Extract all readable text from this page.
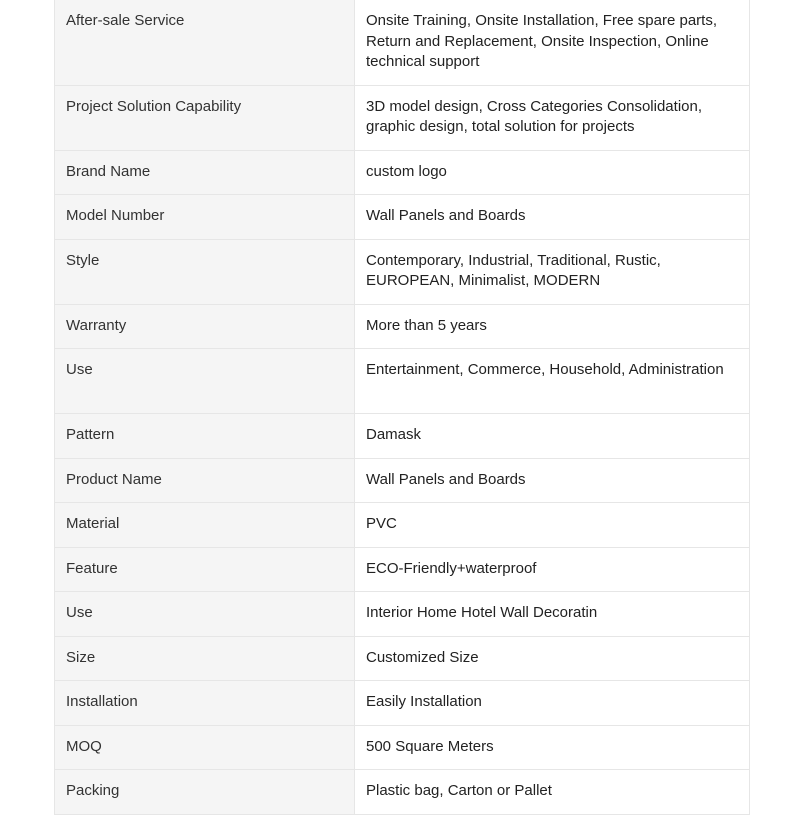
After-sale Service	Onsite Training, Onsite Installation, Free spare parts, Return and Replacement, Onsite Inspection, Online technical support
Project Solution Capability	3D model design, Cross Categories Consolidation, graphic design, total solution for projects
Brand Name	custom logo
Model Number	Wall Panels and Boards
Style	Contemporary, Industrial, Traditional, Rustic, EUROPEAN, Minimalist, MODERN
Warranty	More than 5 years
Use	Entertainment, Commerce, Household, Administration
Pattern	Damask
Product Name	Wall Panels and Boards
Material	PVC
Feature	ECO-Friendly+waterproof
Use	Interior Home Hotel Wall Decoratin
Size	Customized Size
Installation	Easily Installation
MOQ	500 Square Meters
Packing	Plastic bag, Carton or Pallet
